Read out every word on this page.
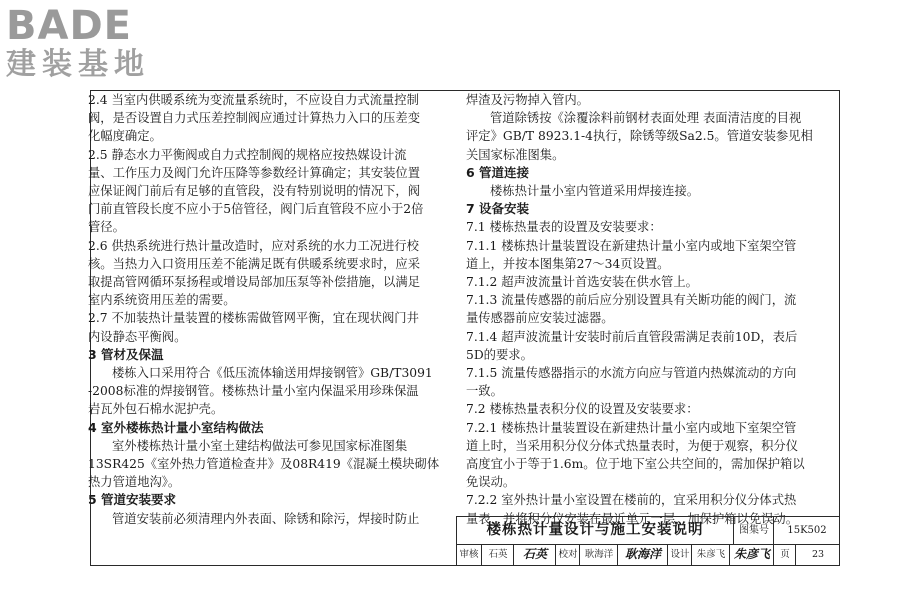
BADE
建装基地

2.4 当室内供暖系统为变流量系统时，不应设自力式流量控制

阀，是否设置自力式压差控制阀应通过计算热力入口的压差变

化幅度确定。

2.5 静态水力平衡阀或自力式控制阀的规格应按热媒设计流

量、工作压力及阀门允许压降等参数经计算确定；其安装位置

应保证阀门前后有足够的直管段，没有特别说明的情况下，阀

门前直管段长度不应小于5倍管径，阀门后直管段不应小于2倍

管径。

2.6 供热系统进行热计量改造时，应对系统的水力工况进行校

核。当热力入口资用压差不能满足既有供暖系统要求时，应采

取提高管网循环泵扬程或增设局部加压泵等补偿措施，以满足

室内系统资用压差的需要。

2.7 不加装热计量装置的楼栋需做管网平衡，宜在现状阀门井

内设静态平衡阀。

3 管材及保温

楼栋入口采用符合《低压流体输送用焊接钢管》GB/T3091

-2008标准的焊接钢管。楼栋热计量小室内保温采用珍珠保温

岩瓦外包石棉水泥护壳。

4 室外楼栋热计量小室结构做法

室外楼栋热计量小室土建结构做法可参见国家标准图集

13SR425《室外热力管道检查井》及08R419《混凝土模块砌体

热力管道地沟》。

5 管道安装要求

管道安装前必须清理内外表面、除锈和除污，焊接时防止

焊渣及污物掉入管内。

管道除锈按《涂覆涂料前钢材表面处理 表面清洁度的目视

评定》GB/T 8923.1-4执行，除锈等级Sa2.5。管道安装参见相

关国家标准图集。

6 管道连接

楼栋热计量小室内管道采用焊接连接。

7 设备安装

7.1 楼栋热量表的设置及安装要求：

7.1.1 楼栋热计量装置设在新建热计量小室内或地下室架空管

道上，并按本图集第27～34页设置。

7.1.2 超声波流量计首选安装在供水管上。

7.1.3 流量传感器的前后应分别设置具有关断功能的阀门，流

量传感器前应安装过滤器。

7.1.4 超声波流量计安装时前后直管段需满足表前10D，表后

5D的要求。

7.1.5 流量传感器指示的水流方向应与管道内热媒流动的方向

一致。

7.2 楼栋热量表积分仪的设置及安装要求：

7.2.1 楼栋热计量装置设在新建热计量小室内或地下室架空管

道上时，当采用积分仪分体式热量表时，为便于观察，积分仪

高度宜小于等于1.6m。位于地下室公共空间的，需加保护箱以

免误动。

7.2.2 室外热计量小室设置在楼前的，宜采用积分仪分体式热

量表，并将积分仪安装在最近单元一层，加保护箱以免误动。

楼栋热计量设计与施工安装说明	图集号	15K502
审核	石英	石英	校对 耿海洋 耿海洋 设计 朱彦飞 朱彦飞	页	23
